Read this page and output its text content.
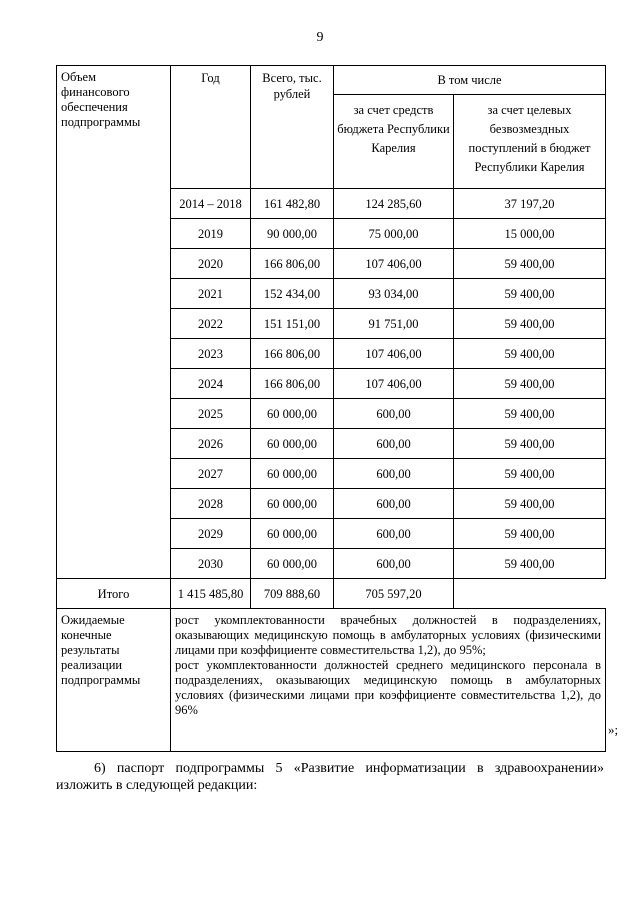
9
Объем финансового обеспечения подпрограммы	Год	Всего, тыс. рублей	В том числе	
			за счет средств бюджета Республики Карелия	за счет целевых безвозмездных поступлений в бюджет Республики Карелия
	2014 – 2018	161 482,80	124 285,60	37 197,20
	2019	90 000,00	75 000,00	15 000,00
	2020	166 806,00	107 406,00	59 400,00
	2021	152 434,00	93 034,00	59 400,00
	2022	151 151,00	91 751,00	59 400,00
	2023	166 806,00	107 406,00	59 400,00
	2024	166 806,00	107 406,00	59 400,00
	2025	60 000,00	600,00	59 400,00
	2026	60 000,00	600,00	59 400,00
	2027	60 000,00	600,00	59 400,00
	2028	60 000,00	600,00	59 400,00
	2029	60 000,00	600,00	59 400,00
	2030	60 000,00	600,00	59 400,00
Итого	1 415 485,80	709 888,60	705 597,20	
Ожидаемые конечные результаты реализации подпрограммы	рост укомплектованности врачебных должностей в подразделениях, оказывающих медицинскую помощь в амбулаторных условиях (физическими лицами при коэффициенте совместительства 1,2), до 95%;
рост укомплектованности должностей среднего медицинского персонала в подразделениях, оказывающих медицинскую помощь в амбулаторных условиях (физическими лицами при коэффициенте совместительства 1,2), до 96%			
»;
6) паспорт подпрограммы 5 «Развитие информатизации в здравоохранении» изложить в следующей редакции:
